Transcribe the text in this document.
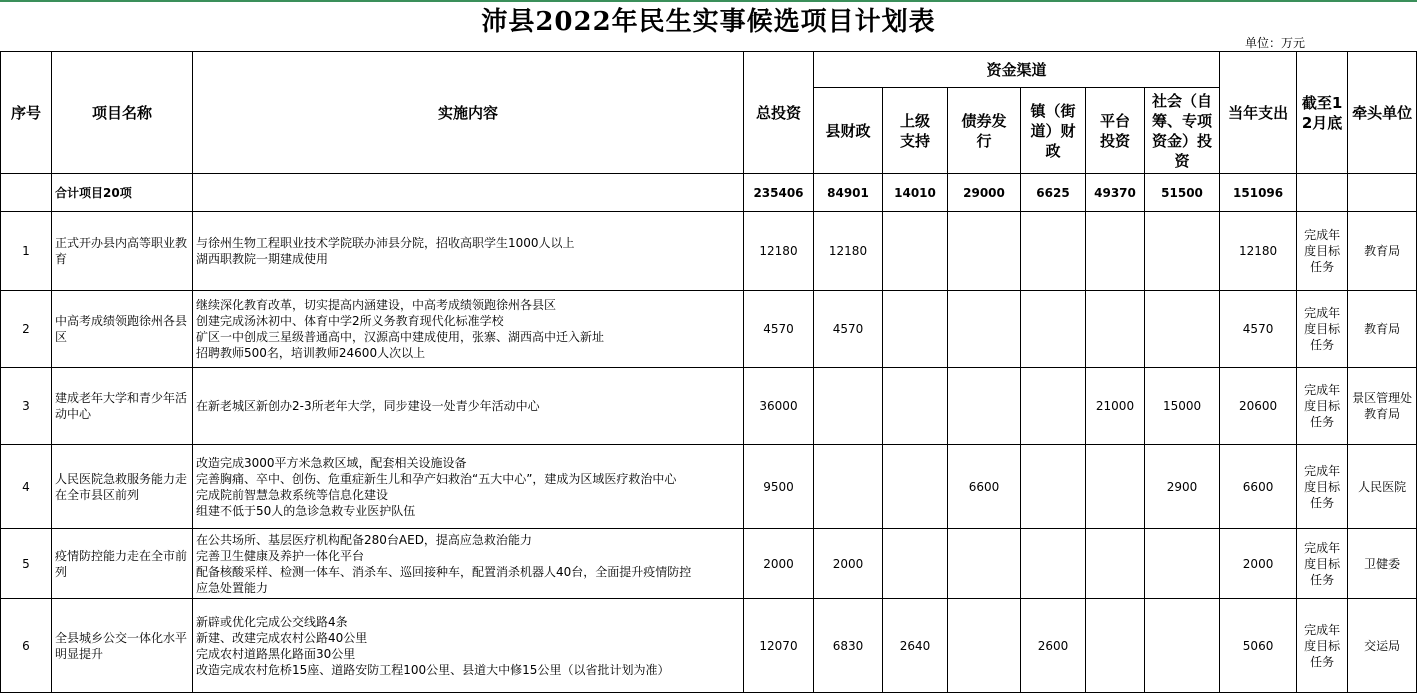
沛县2022年民生实事候选项目计划表
单位：万元
序号	项目名称	实施内容	总投资	资金渠道						当年支出	截至12月底	牵头单位
				县财政	上级支持	债券发行	镇（街道）财政	平台投资	社会（自筹、专项资金）投资			
	合计项目20项		235406	84901	14010	29000	6625	49370	51500	151096		
1	正式开办县内高等职业教育	与徐州生物工程职业技术学院联办沛县分院，招收高职学生1000人以上
湖西职教院一期建成使用	12180	12180						12180	完成年度目标任务	教育局
2	中高考成绩领跑徐州各县区	继续深化教育改革，切实提高内涵建设，中高考成绩领跑徐州各县区
创建完成汤沐初中、体育中学2所义务教育现代化标准学校
矿区一中创成三星级普通高中，汉源高中建成使用，张寨、湖西高中迁入新址
招聘教师500名，培训教师24600人次以上	4570	4570						4570	完成年度目标任务	教育局
3	建成老年大学和青少年活动中心	在新老城区新创办2-3所老年大学，同步建设一处青少年活动中心	36000					21000	15000	20600	完成年度目标任务	景区管理处教育局
4	人民医院急救服务能力走在全市县区前列	改造完成3000平方米急救区域，配套相关设施设备
完善胸痛、卒中、创伤、危重症新生儿和孕产妇救治“五大中心”，建成为区域医疗救治中心
完成院前智慧急救系统等信息化建设
组建不低于50人的急诊急救专业医护队伍	9500			6600			2900	6600	完成年度目标任务	人民医院
5	疫情防控能力走在全市前列	在公共场所、基层医疗机构配备280台AED，提高应急救治能力
完善卫生健康及养护一体化平台
配备核酸采样、检测一体车、消杀车、巡回接种车，配置消杀机器人40台，全面提升疫情防控
应急处置能力	2000	2000						2000	完成年度目标任务	卫健委
6	全县城乡公交一体化水平明显提升	新辟或优化完成公交线路4条
新建、改建完成农村公路40公里
完成农村道路黑化路面30公里
改造完成农村危桥15座、道路安防工程100公里、县道大中修15公里（以省批计划为准）	12070	6830	2640		2600			5060	完成年度目标任务	交运局
